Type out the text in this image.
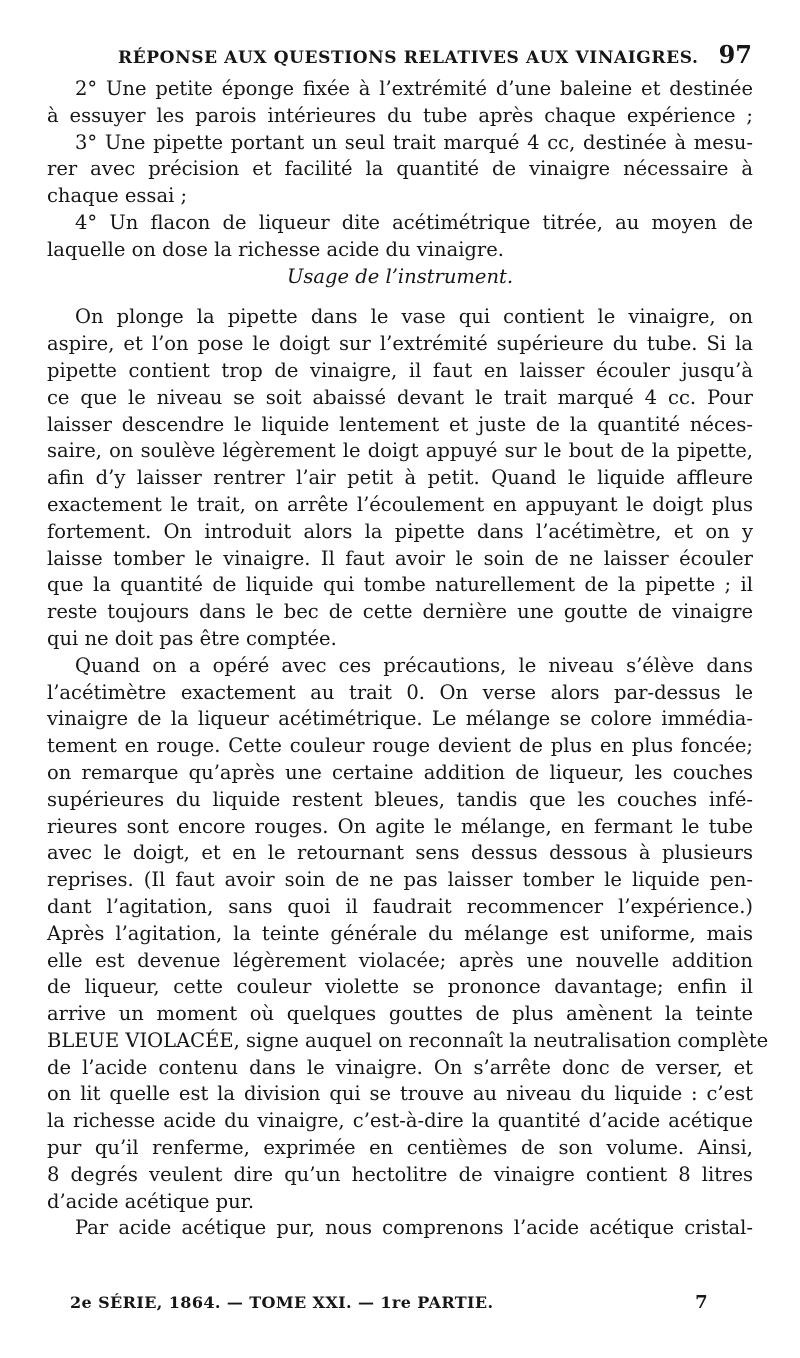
RÉPONSE AUX QUESTIONS RELATIVES AUX VINAIGRES. 97
2° Une petite éponge fixée à l’extrémité d’une baleine et destinée
à essuyer les parois intérieures du tube après chaque expérience ;
3° Une pipette portant un seul trait marqué 4 cc, destinée à mesu-
rer avec précision et facilité la quantité de vinaigre nécessaire à
chaque essai ;
4° Un flacon de liqueur dite acétimétrique titrée, au moyen de
laquelle on dose la richesse acide du vinaigre.
Usage de l’instrument.
On plonge la pipette dans le vase qui contient le vinaigre, on
aspire, et l’on pose le doigt sur l’extrémité supérieure du tube. Si la
pipette contient trop de vinaigre, il faut en laisser écouler jusqu’à
ce que le niveau se soit abaissé devant le trait marqué 4 cc. Pour
laisser descendre le liquide lentement et juste de la quantité néces-
saire, on soulève légèrement le doigt appuyé sur le bout de la pipette,
afin d’y laisser rentrer l’air petit à petit. Quand le liquide affleure
exactement le trait, on arrête l’écoulement en appuyant le doigt plus
fortement. On introduit alors la pipette dans l’acétimètre, et on y
laisse tomber le vinaigre. Il faut avoir le soin de ne laisser écouler
que la quantité de liquide qui tombe naturellement de la pipette ; il
reste toujours dans le bec de cette dernière une goutte de vinaigre
qui ne doit pas être comptée.
Quand on a opéré avec ces précautions, le niveau s’élève dans
l’acétimètre exactement au trait 0. On verse alors par-dessus le
vinaigre de la liqueur acétimétrique. Le mélange se colore immédia-
tement en rouge. Cette couleur rouge devient de plus en plus foncée;
on remarque qu’après une certaine addition de liqueur, les couches
supérieures du liquide restent bleues, tandis que les couches infé-
rieures sont encore rouges. On agite le mélange, en fermant le tube
avec le doigt, et en le retournant sens dessus dessous à plusieurs
reprises. (Il faut avoir soin de ne pas laisser tomber le liquide pen-
dant l’agitation, sans quoi il faudrait recommencer l’expérience.)
Après l’agitation, la teinte générale du mélange est uniforme, mais
elle est devenue légèrement violacée; après une nouvelle addition
de liqueur, cette couleur violette se prononce davantage; enfin il
arrive un moment où quelques gouttes de plus amènent la teinte
BLEUE VIOLACÉE, signe auquel on reconnaît la neutralisation complète
de l’acide contenu dans le vinaigre. On s’arrête donc de verser, et
on lit quelle est la division qui se trouve au niveau du liquide : c’est
la richesse acide du vinaigre, c’est-à-dire la quantité d’acide acétique
pur qu’il renferme, exprimée en centièmes de son volume. Ainsi,
8 degrés veulent dire qu’un hectolitre de vinaigre contient 8 litres
d’acide acétique pur.
Par acide acétique pur, nous comprenons l’acide acétique cristal-
2e SÉRIE, 1864. — TOME XXI. — 1re PARTIE.	7
